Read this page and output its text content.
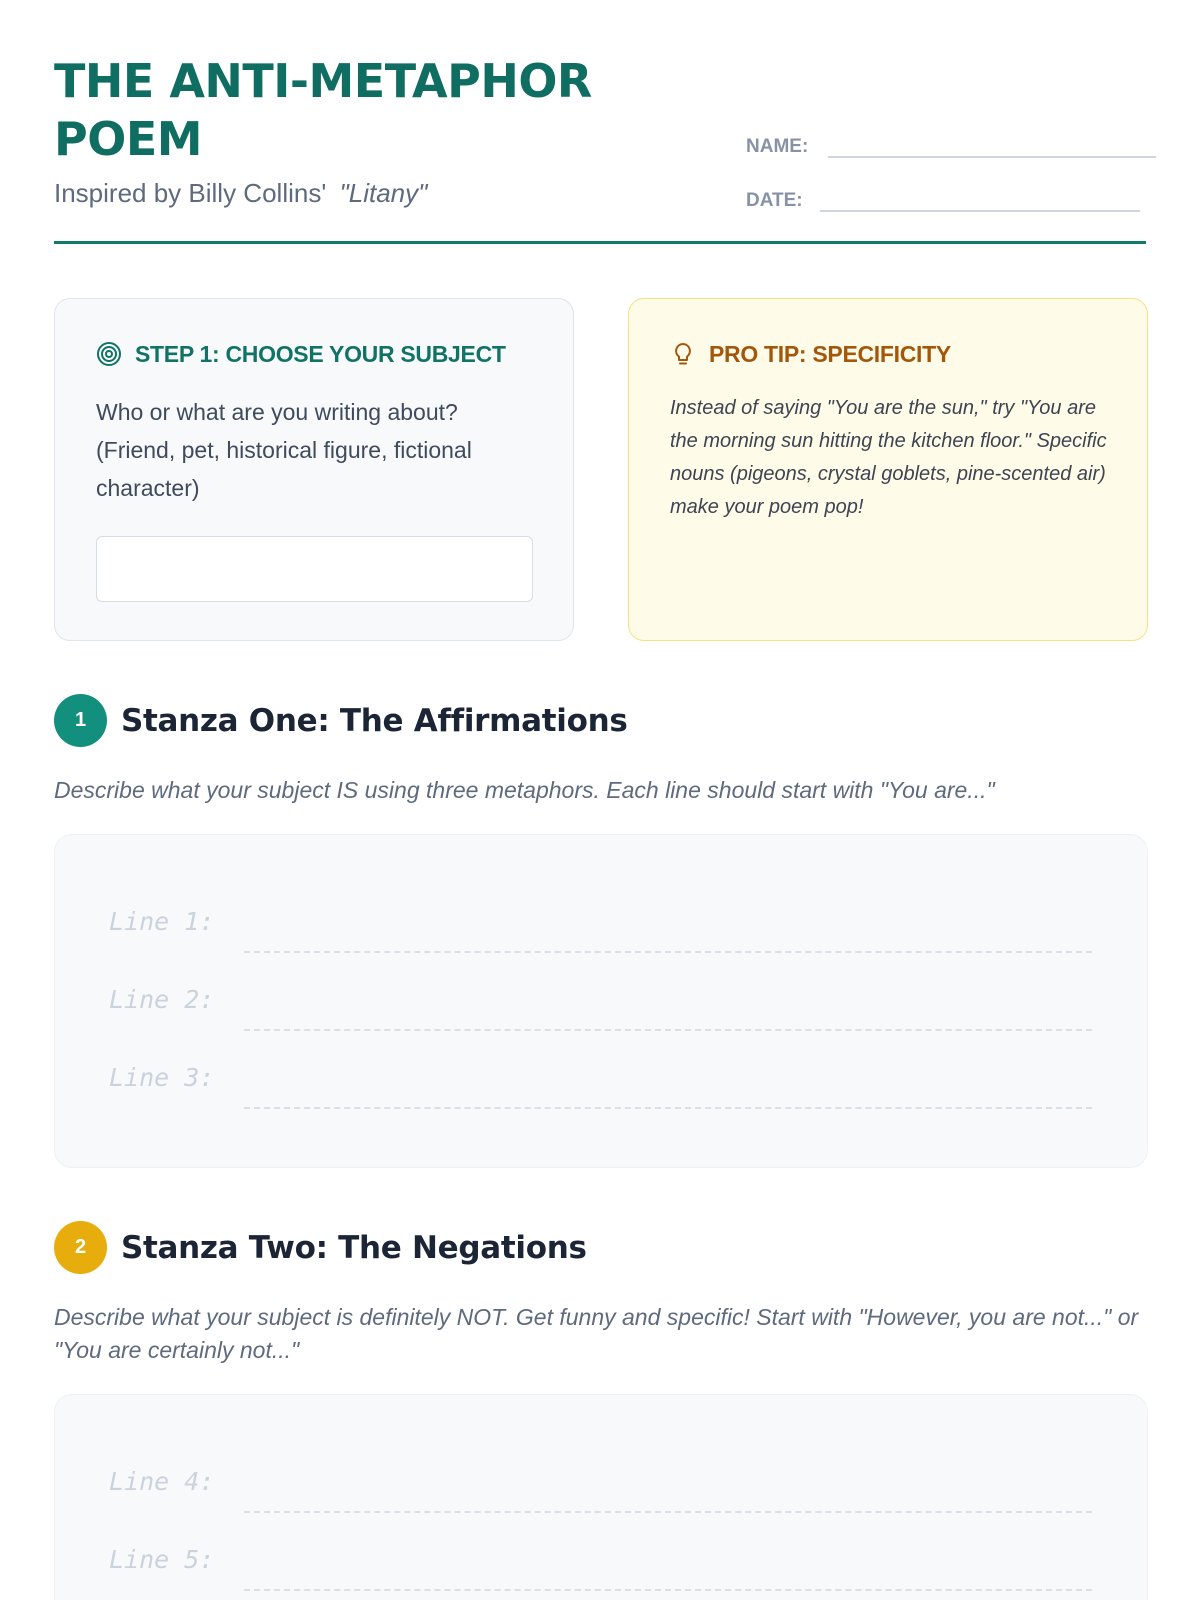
THE ANTI-METAPHOR
POEM
Inspired by Billy Collins' "Litany"
NAME:
DATE:
STEP 1: CHOOSE YOUR SUBJECT

Who or what are you writing about? (Friend, pet, historical figure, fictional character)

PRO TIP: SPECIFICITY

Instead of saying "You are the sun," try "You are the morning sun hitting the kitchen floor." Specific nouns (pigeons, crystal goblets, pine-scented air) make your poem pop!

1	Stanza One: The Affirmations

Describe what your subject IS using three metaphors. Each line should start with "You are..."

Line 1:
Line 2:
Line 3:
2	Stanza Two: The Negations

Describe what your subject is definitely NOT. Get funny and specific! Start with "However, you are not..." or "You are certainly not..."

Line 4:
Line 5:
